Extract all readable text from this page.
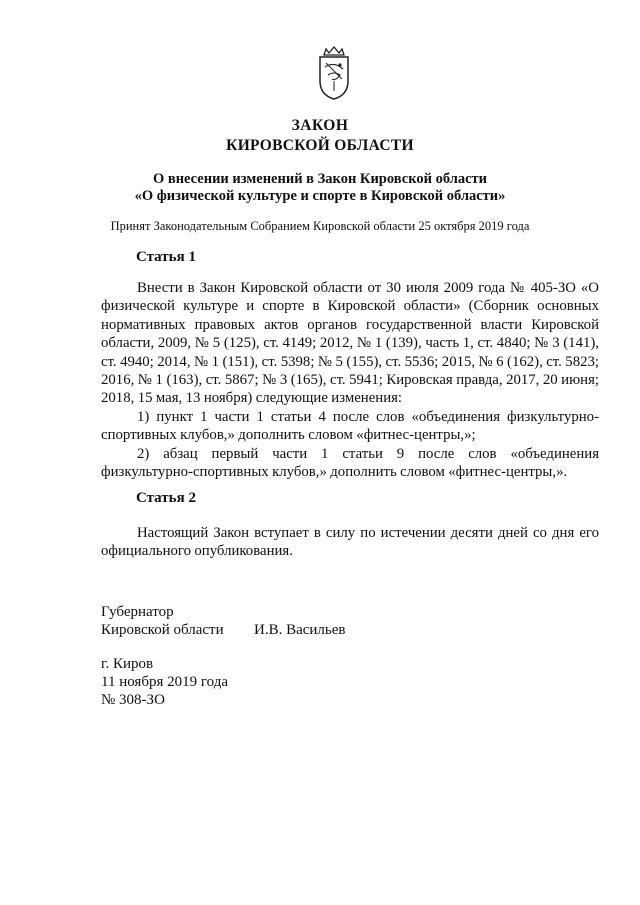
ЗАКОН
КИРОВСКОЙ ОБЛАСТИ
О внесении изменений в Закон Кировской области
«О физической культуре и спорте в Кировской области»
Принят Законодательным Собранием Кировской области 25 октября 2019 года
Статья 1

Внести в Закон Кировской области от 30 июля 2009 года № 405-ЗО «О физической культуре и спорте в Кировской области» (Сборник основных нормативных правовых актов органов государственной власти Кировской области, 2009, № 5 (125), ст. 4149; 2012, № 1 (139), часть 1, ст. 4840; № 3 (141), ст. 4940; 2014, № 1 (151), ст. 5398; № 5 (155), ст. 5536; 2015, № 6 (162), ст. 5823; 2016, № 1 (163), ст. 5867; № 3 (165), ст. 5941; Кировская правда, 2017, 20 июня; 2018, 15 мая, 13 ноября) следующие изменения:

1) пункт 1 части 1 статьи 4 после слов «объединения физкультурно-спортивных клубов,» дополнить словом «фитнес-центры,»;

2) абзац первый части 1 статьи 9 после слов «объединения физкультурно-спортивных клубов,» дополнить словом «фитнес-центры,».

Статья 2

Настоящий Закон вступает в силу по истечении десяти дней со дня его официального опубликования.

Губернатор
Кировской области И.В. Васильев
г. Киров
11 ноября 2019 года
№ 308-ЗО
